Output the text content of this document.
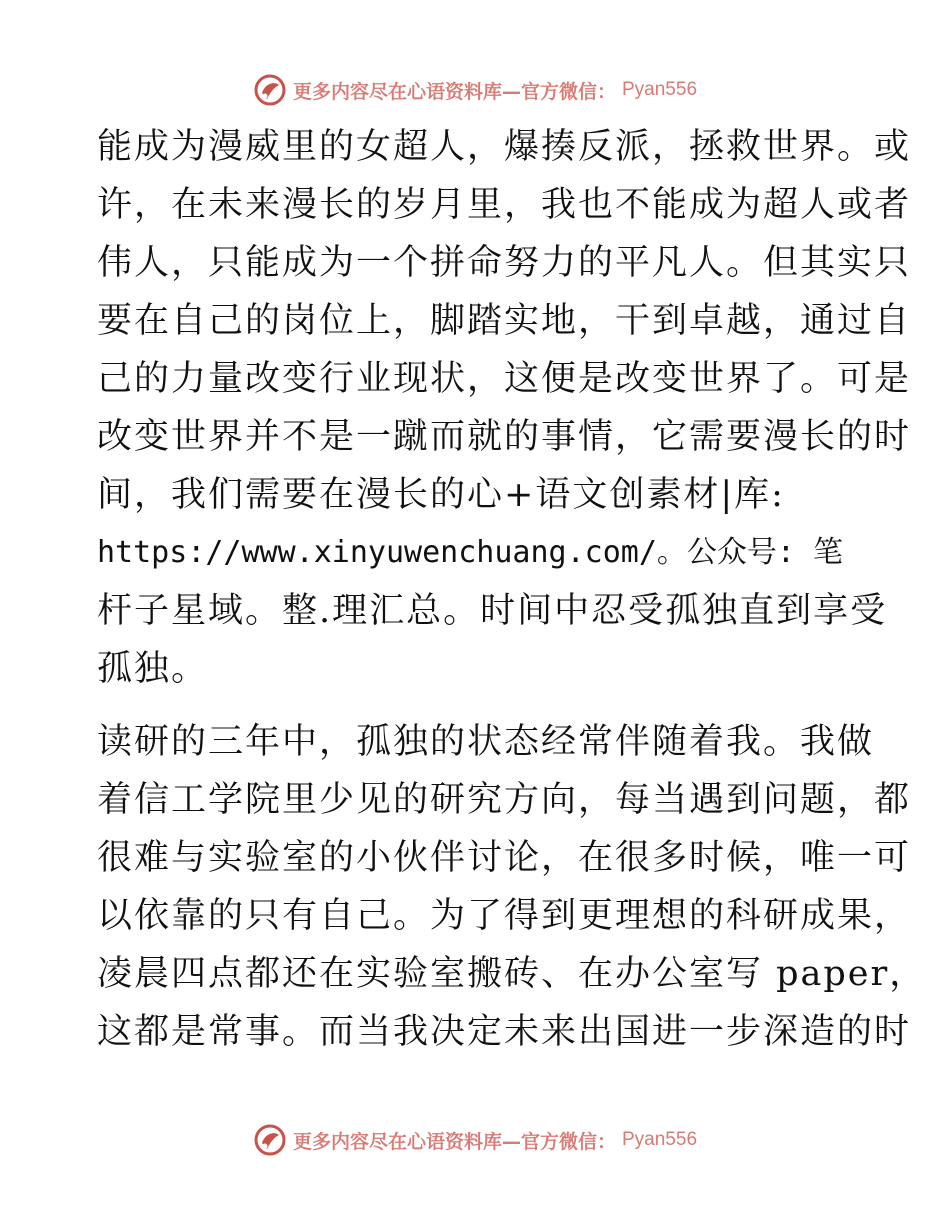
更多内容尽在心语资料库—官方微信： Pyan556
能成为漫威里的女超人，爆揍反派，拯救世界。或
许，在未来漫长的岁月里，我也不能成为超人或者
伟人，只能成为一个拼命努力的平凡人。但其实只
要在自己的岗位上，脚踏实地，干到卓越，通过自
己的力量改变行业现状，这便是改变世界了。可是
改变世界并不是一蹴而就的事情，它需要漫长的时
间，我们需要在漫长的心+语文创素材|库:
https://www.xinyuwenchuang.com/。公众号: 笔
杆子星域。整.理汇总。时间中忍受孤独直到享受
孤独。
读研的三年中，孤独的状态经常伴随着我。我做
着信工学院里少见的研究方向，每当遇到问题，都
很难与实验室的小伙伴讨论，在很多时候，唯一可
以依靠的只有自己。为了得到更理想的科研成果，
凌晨四点都还在实验室搬砖、在办公室写 paper，
这都是常事。而当我决定未来出国进一步深造的时
更多内容尽在心语资料库—官方微信： Pyan556
